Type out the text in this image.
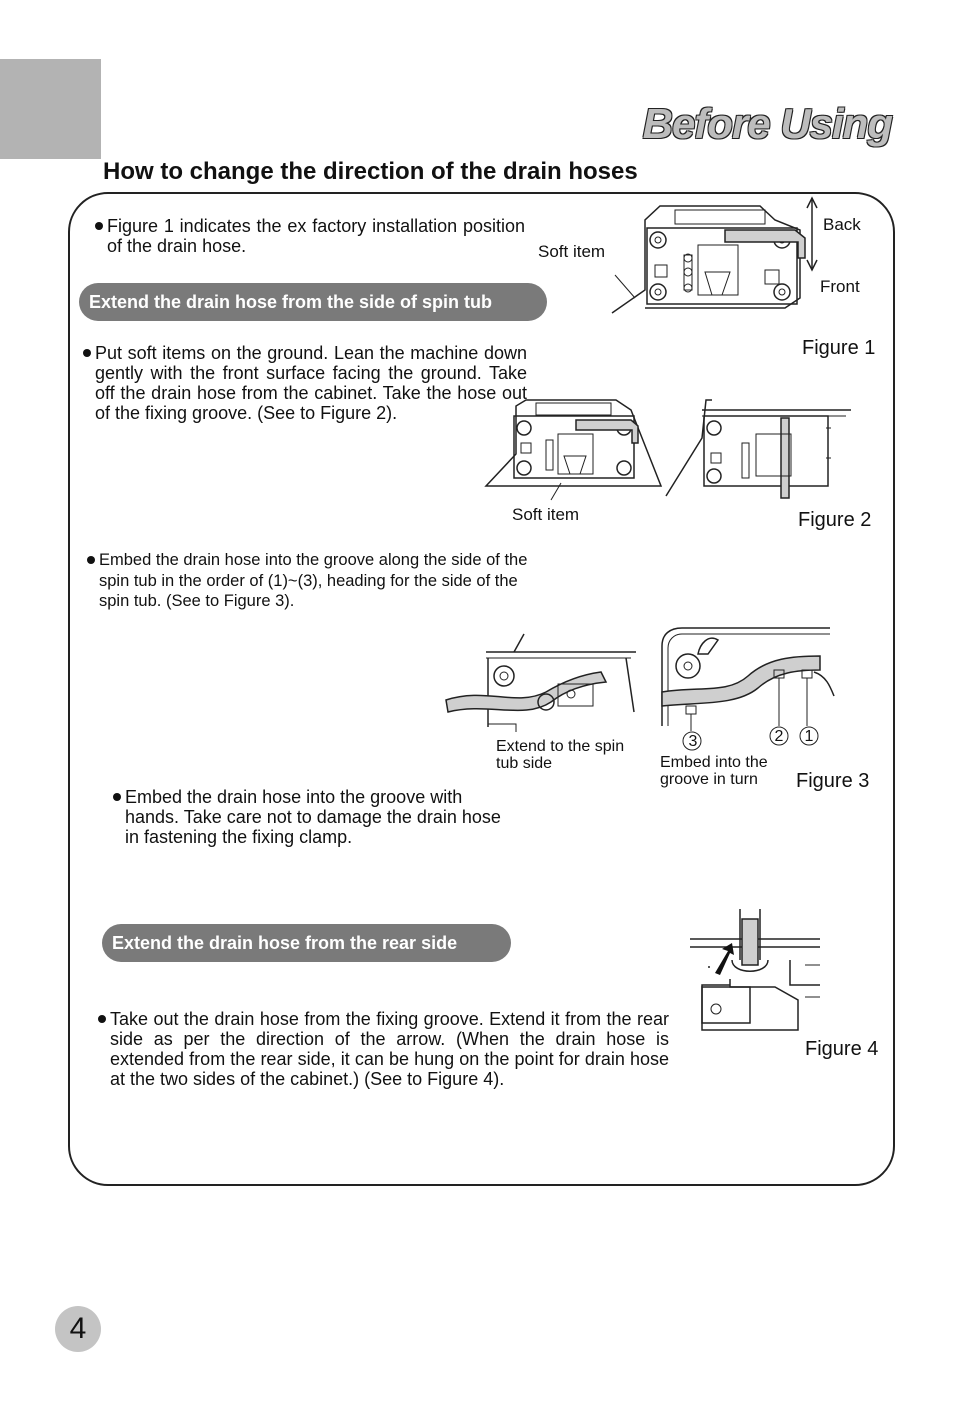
Before Using
How to change the direction of the drain hoses
Figure 1 indicates the ex factory installation position of the drain hose.
Extend the drain hose from the side of spin tub
Soft item
Back
Front
Figure 1
Put soft items on the ground. Lean the machine down gently with the front surface facing the ground. Take off the drain hose from the cabinet. Take the hose out of the fixing groove. (See to Figure 2).
Soft item	Figure 2
Embed the drain hose into the groove along the side of the spin tub in the order of (1)~(3), heading for the side of the spin tub. (See to Figure 3).
Extend to the spin tub side
3	2 1
Embed into the groove in turn	Figure 3
Embed the drain hose into the groove with hands. Take care not to damage the drain hose in fastening the fixing clamp.
Extend the drain hose from the rear side
Figure 4
Take out the drain hose from the fixing groove. Extend it from the rear side as per the direction of the arrow. (When the drain hose is extended from the rear side, it can be hung on the point for drain hose at the two sides of the cabinet.) (See to Figure 4).
4
